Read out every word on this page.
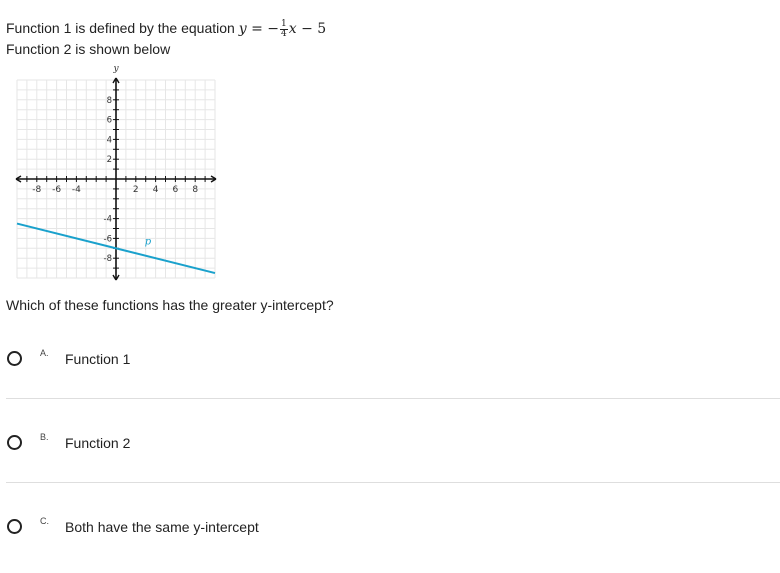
Function 1 is defined by the equation y = − $\frac{1}{4}$ x − 5
Function 2 is shown below
-8 -6 -4	2 4 6 8
8
6
4
2
-4
-6
-8
y
p
Which of these functions has the greater y-intercept?
A. Function 1
B. Function 2
C. Both have the same y-intercept
